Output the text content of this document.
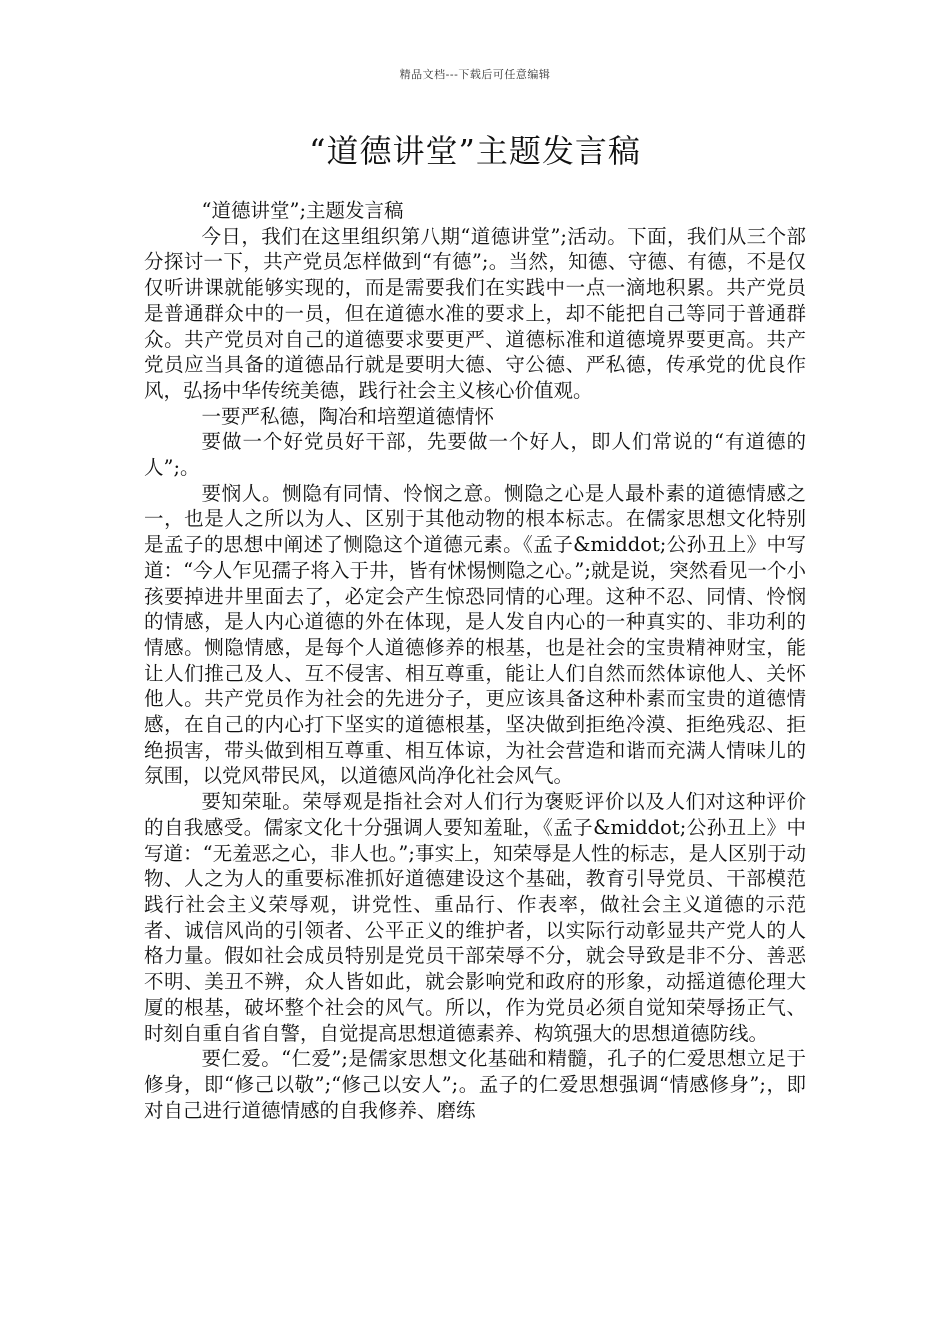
精品文档---下载后可任意编辑
“道德讲堂”主题发言稿

“道德讲堂”;主题发言稿

今日，我们在这里组织第八期“道德讲堂”;活动。下面，我们从三个部分探讨一下，共产党员怎样做到“有德”;。当然，知德、守德、有德，不是仅仅听讲课就能够实现的，而是需要我们在实践中一点一滴地积累。共产党员是普通群众中的一员，但在道德水准的要求上，却不能把自己等同于普通群众。共产党员对自己的道德要求要更严、道德标准和道德境界要更高。共产党员应当具备的道德品行就是要明大德、守公德、严私德，传承党的优良作风，弘扬中华传统美德，践行社会主义核心价值观。

一要严私德，陶冶和培塑道德情怀

要做一个好党员好干部，先要做一个好人，即人们常说的“有道德的人”;。

要悯人。恻隐有同情、怜悯之意。恻隐之心是人最朴素的道德情感之一，也是人之所以为人、区别于其他动物的根本标志。在儒家思想文化特别是孟子的思想中阐述了恻隐这个道德元素。《孟子&middot;公孙丑上》中写道：“今人乍见孺子将入于井，皆有怵惕恻隐之心。”;就是说，突然看见一个小孩要掉进井里面去了，必定会产生惊恐同情的心理。这种不忍、同情、怜悯的情感，是人内心道德的外在体现，是人发自内心的一种真实的、非功利的情感。恻隐情感，是每个人道德修养的根基，也是社会的宝贵精神财宝，能让人们推己及人、互不侵害、相互尊重，能让人们自然而然体谅他人、关怀他人。共产党员作为社会的先进分子，更应该具备这种朴素而宝贵的道德情感，在自己的内心打下坚实的道德根基，坚决做到拒绝冷漠、拒绝残忍、拒绝损害，带头做到相互尊重、相互体谅，为社会营造和谐而充满人情味儿的氛围，以党风带民风，以道德风尚净化社会风气。

要知荣耻。荣辱观是指社会对人们行为褒贬评价以及人们对这种评价的自我感受。儒家文化十分强调人要知羞耻，《孟子&middot;公孙丑上》中写道：“无羞恶之心，非人也。”;事实上，知荣辱是人性的标志，是人区别于动物、人之为人的重要标准抓好道德建设这个基础，教育引导党员、干部模范践行社会主义荣辱观，讲党性、重品行、作表率，做社会主义道德的示范者、诚信风尚的引领者、公平正义的维护者，以实际行动彰显共产党人的人格力量。假如社会成员特别是党员干部荣辱不分，就会导致是非不分、善恶不明、美丑不辨，众人皆如此，就会影响党和政府的形象，动摇道德伦理大厦的根基，破坏整个社会的风气。所以，作为党员必须自觉知荣辱扬正气、时刻自重自省自警，自觉提高思想道德素养、构筑强大的思想道德防线。

要仁爱。“仁爱”;是儒家思想文化基础和精髓，孔子的仁爱思想立足于修身，即“修己以敬”;“修己以安人”;。孟子的仁爱思想强调“情感修身”;，即对自己进行道德情感的自我修养、磨练
